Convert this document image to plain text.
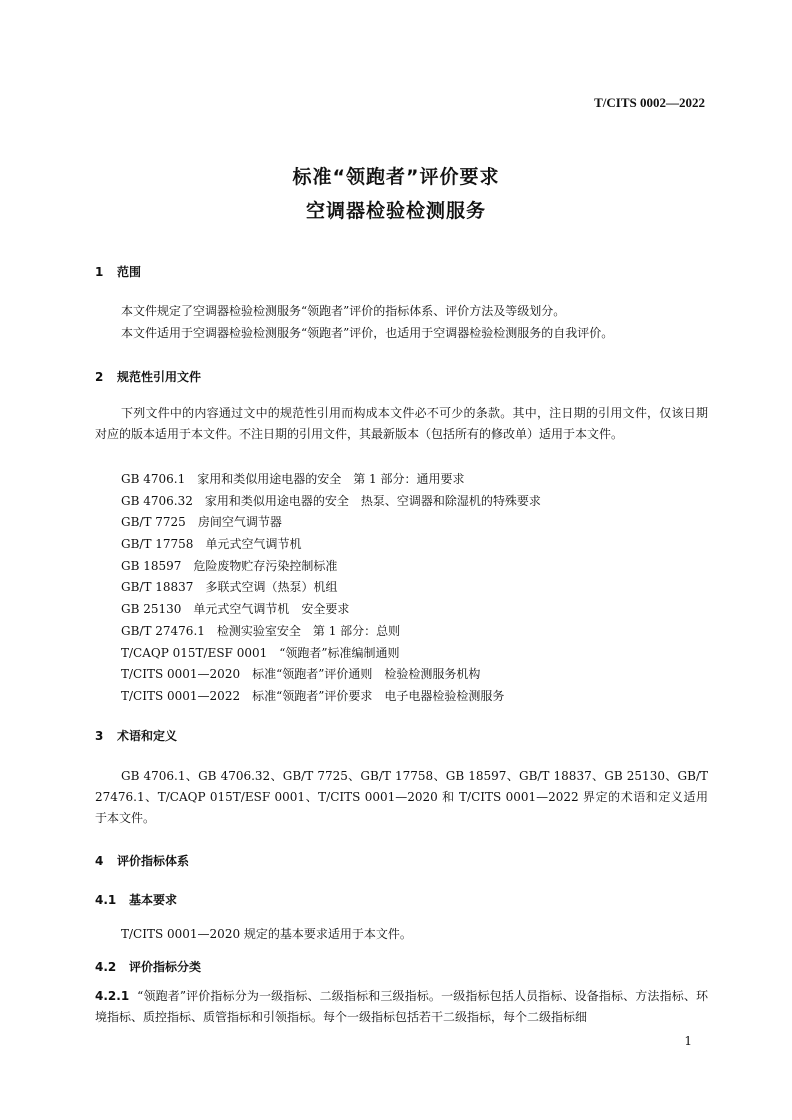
T/CITS 0002—2022
标准“领跑者”评价要求
空调器检验检测服务
1 范围
本文件规定了空调器检验检测服务“领跑者”评价的指标体系、评价方法及等级划分。
本文件适用于空调器检验检测服务“领跑者”评价，也适用于空调器检验检测服务的自我评价。
2 规范性引用文件
下列文件中的内容通过文中的规范性引用而构成本文件必不可少的条款。其中，注日期的引用文件，仅该日期对应的版本适用于本文件。不注日期的引用文件，其最新版本（包括所有的修改单）适用于本文件。
GB 4706.1 家用和类似用途电器的安全　第 1 部分：通用要求
GB 4706.32 家用和类似用途电器的安全　热泵、空调器和除湿机的特殊要求
GB/T 7725 房间空气调节器
GB/T 17758 单元式空气调节机
GB 18597 危险废物贮存污染控制标准
GB/T 18837 多联式空调（热泵）机组
GB 25130 单元式空气调节机　安全要求
GB/T 27476.1 检测实验室安全　第 1 部分：总则
T/CAQP 015T/ESF 0001 “领跑者”标准编制通则
T/CITS 0001—2020 标准“领跑者”评价通则　检验检测服务机构
T/CITS 0001—2022 标准“领跑者”评价要求　电子电器检验检测服务
3 术语和定义
GB 4706.1、GB 4706.32、GB/T 7725、GB/T 17758、GB 18597、GB/T 18837、GB 25130、GB/T 27476.1、T/CAQP 015T/ESF 0001、T/CITS 0001—2020 和 T/CITS 0001—2022 界定的术语和定义适用于本文件。
4 评价指标体系
4.1 基本要求
T/CITS 0001—2020 规定的基本要求适用于本文件。
4.2 评价指标分类
4.2.1 “领跑者”评价指标分为一级指标、二级指标和三级指标。一级指标包括人员指标、设备指标、方法指标、环境指标、质控指标、质管指标和引领指标。每个一级指标包括若干二级指标，每个二级指标细
1
